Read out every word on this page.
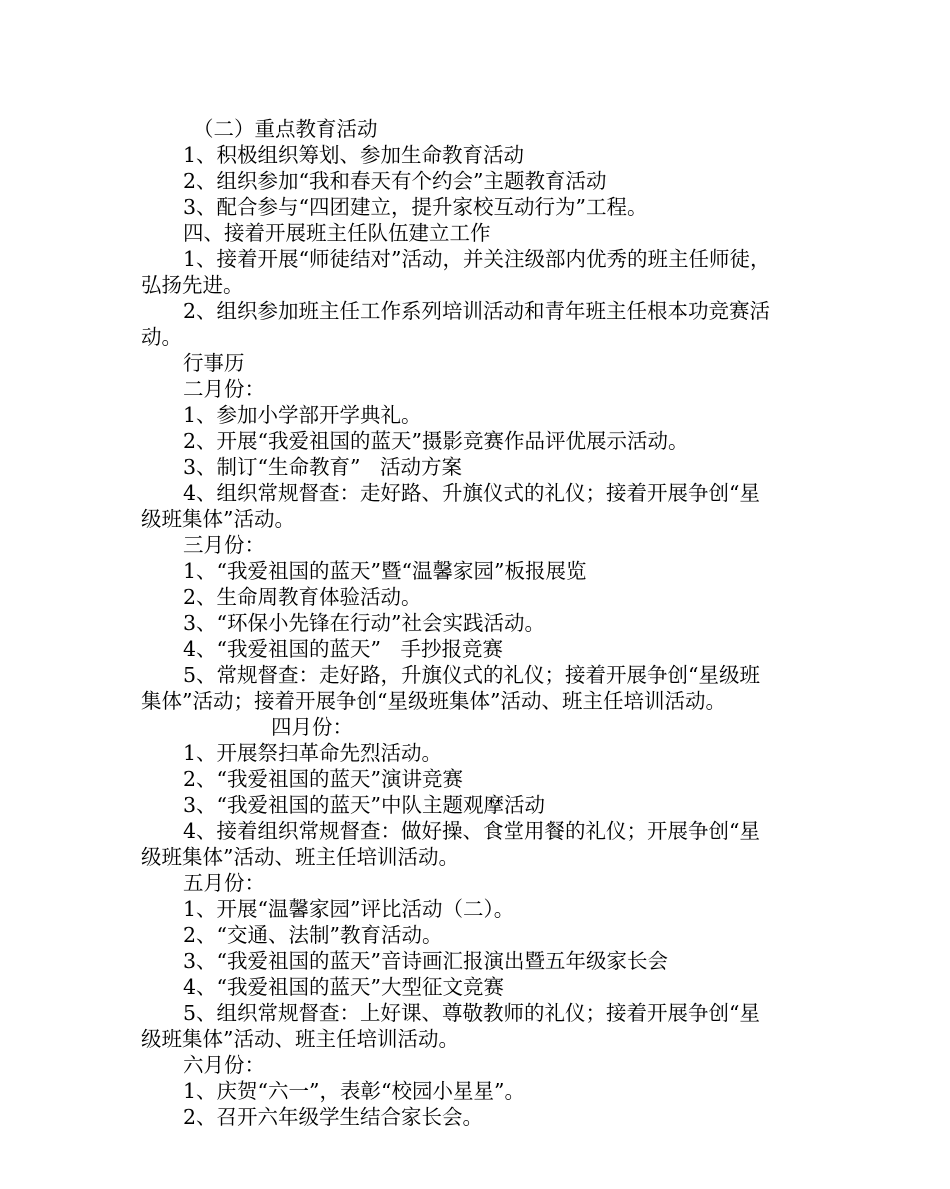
（二）重点教育活动
1、积极组织筹划、参加生命教育活动
2、组织参加“我和春天有个约会”主题教育活动
3、配合参与“四团建立，提升家校互动行为”工程。
四、接着开展班主任队伍建立工作
1、接着开展“师徒结对”活动，并关注级部内优秀的班主任师徒，
弘扬先进。
2、组织参加班主任工作系列培训活动和青年班主任根本功竞赛活
动。
行事历
二月份：
1、参加小学部开学典礼。
2、开展“我爱祖国的蓝天”摄影竞赛作品评优展示活动。
3、制订“生命教育”   活动方案
4、组织常规督查：走好路、升旗仪式的礼仪；接着开展争创“星
级班集体”活动。
三月份：
1、“我爱祖国的蓝天”暨“温馨家园”板报展览
2、生命周教育体验活动。
3、“环保小先锋在行动”社会实践活动。
4、“我爱祖国的蓝天”   手抄报竞赛
5、常规督查：走好路，升旗仪式的礼仪；接着开展争创“星级班
集体”活动；接着开展争创“星级班集体”活动、班主任培训活动。
四月份：
1、开展祭扫革命先烈活动。
2、“我爱祖国的蓝天”演讲竞赛
3、“我爱祖国的蓝天”中队主题观摩活动
4、接着组织常规督查：做好操、食堂用餐的礼仪；开展争创“星
级班集体”活动、班主任培训活动。
五月份：
1、开展“温馨家园”评比活动（二）。
2、“交通、法制”教育活动。
3、“我爱祖国的蓝天”音诗画汇报演出暨五年级家长会
4、“我爱祖国的蓝天”大型征文竞赛
5、组织常规督查：上好课、尊敬教师的礼仪；接着开展争创“星
级班集体”活动、班主任培训活动。
六月份：
1、庆贺“六一”，表彰“校园小星星”。
2、召开六年级学生结合家长会。
